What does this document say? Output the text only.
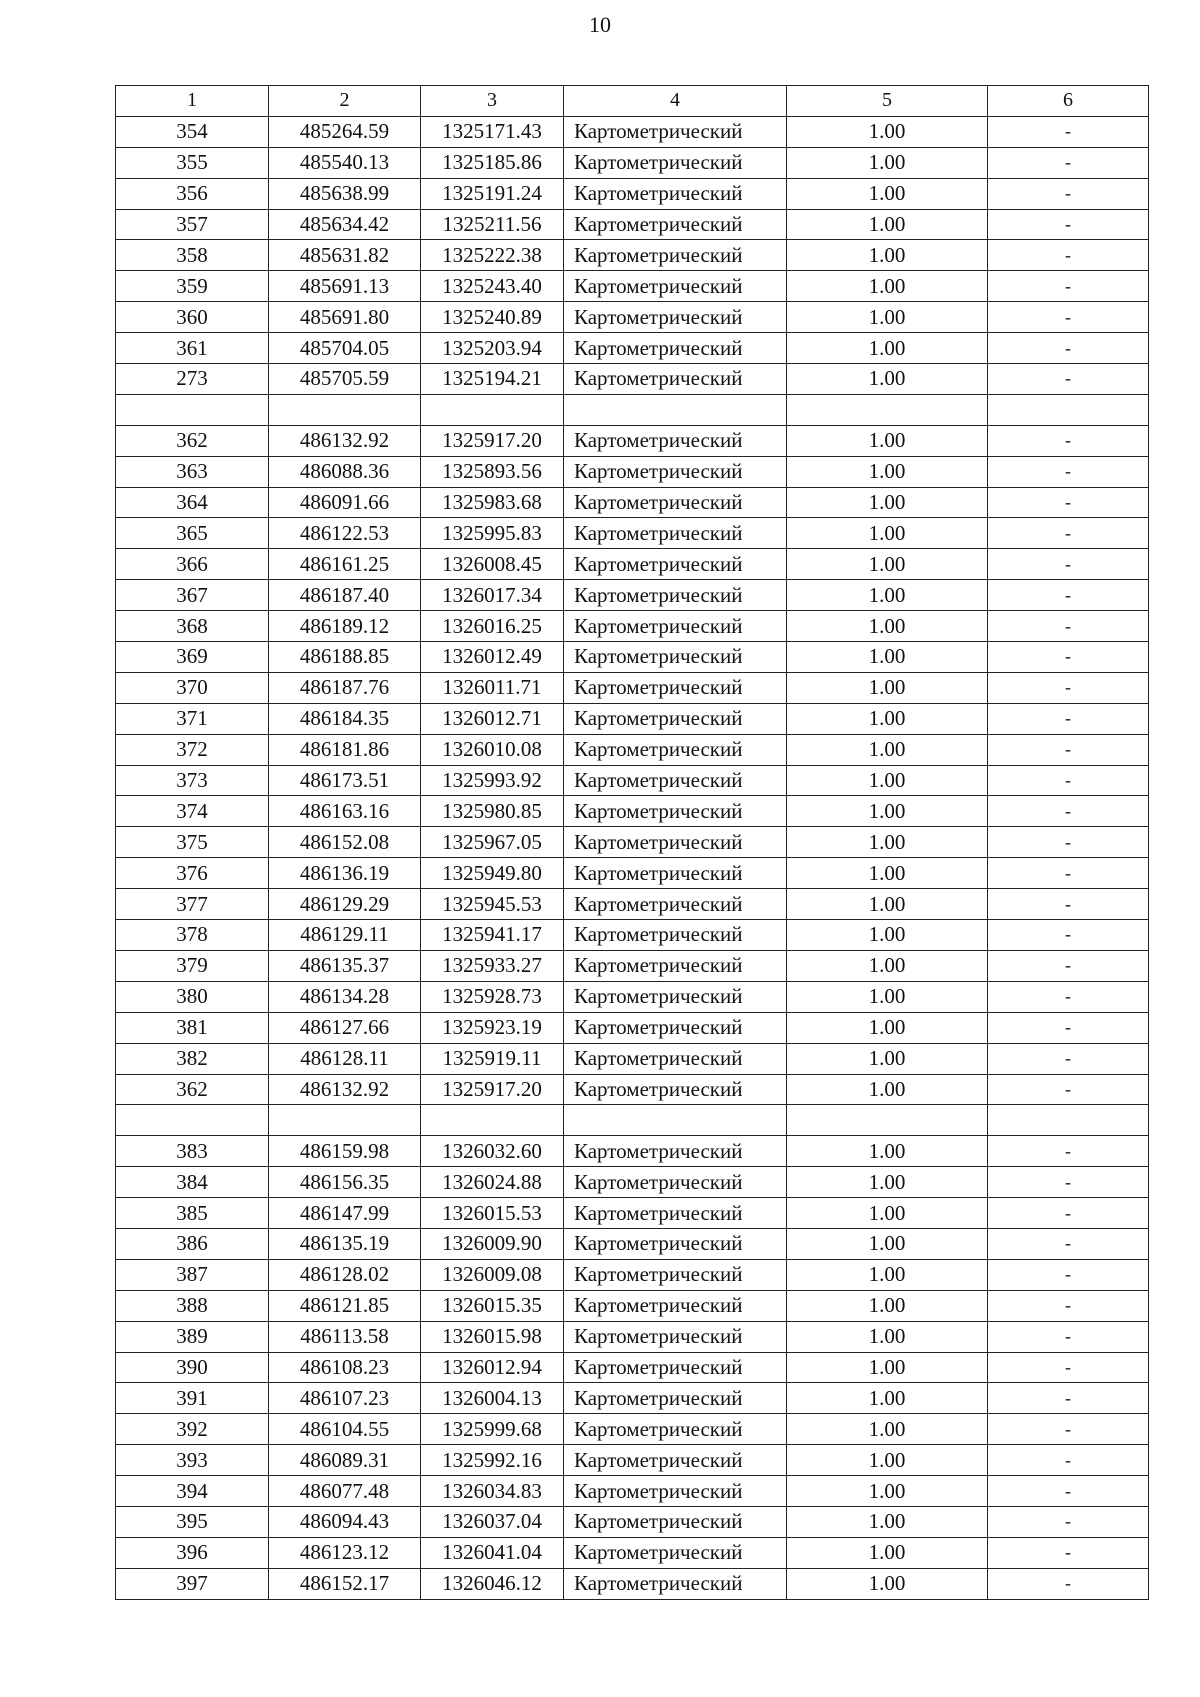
10
1	2	3	4	5	6
354	485264.59	1325171.43	Картометрический	1.00	-
355	485540.13	1325185.86	Картометрический	1.00	-
356	485638.99	1325191.24	Картометрический	1.00	-
357	485634.42	1325211.56	Картометрический	1.00	-
358	485631.82	1325222.38	Картометрический	1.00	-
359	485691.13	1325243.40	Картометрический	1.00	-
360	485691.80	1325240.89	Картометрический	1.00	-
361	485704.05	1325203.94	Картометрический	1.00	-
273	485705.59	1325194.21	Картометрический	1.00	-

362	486132.92	1325917.20	Картометрический	1.00	-
363	486088.36	1325893.56	Картометрический	1.00	-
364	486091.66	1325983.68	Картометрический	1.00	-
365	486122.53	1325995.83	Картометрический	1.00	-
366	486161.25	1326008.45	Картометрический	1.00	-
367	486187.40	1326017.34	Картометрический	1.00	-
368	486189.12	1326016.25	Картометрический	1.00	-
369	486188.85	1326012.49	Картометрический	1.00	-
370	486187.76	1326011.71	Картометрический	1.00	-
371	486184.35	1326012.71	Картометрический	1.00	-
372	486181.86	1326010.08	Картометрический	1.00	-
373	486173.51	1325993.92	Картометрический	1.00	-
374	486163.16	1325980.85	Картометрический	1.00	-
375	486152.08	1325967.05	Картометрический	1.00	-
376	486136.19	1325949.80	Картометрический	1.00	-
377	486129.29	1325945.53	Картометрический	1.00	-
378	486129.11	1325941.17	Картометрический	1.00	-
379	486135.37	1325933.27	Картометрический	1.00	-
380	486134.28	1325928.73	Картометрический	1.00	-
381	486127.66	1325923.19	Картометрический	1.00	-
382	486128.11	1325919.11	Картометрический	1.00	-
362	486132.92	1325917.20	Картометрический	1.00	-

383	486159.98	1326032.60	Картометрический	1.00	-
384	486156.35	1326024.88	Картометрический	1.00	-
385	486147.99	1326015.53	Картометрический	1.00	-
386	486135.19	1326009.90	Картометрический	1.00	-
387	486128.02	1326009.08	Картометрический	1.00	-
388	486121.85	1326015.35	Картометрический	1.00	-
389	486113.58	1326015.98	Картометрический	1.00	-
390	486108.23	1326012.94	Картометрический	1.00	-
391	486107.23	1326004.13	Картометрический	1.00	-
392	486104.55	1325999.68	Картометрический	1.00	-
393	486089.31	1325992.16	Картометрический	1.00	-
394	486077.48	1326034.83	Картометрический	1.00	-
395	486094.43	1326037.04	Картометрический	1.00	-
396	486123.12	1326041.04	Картометрический	1.00	-
397	486152.17	1326046.12	Картометрический	1.00	-
